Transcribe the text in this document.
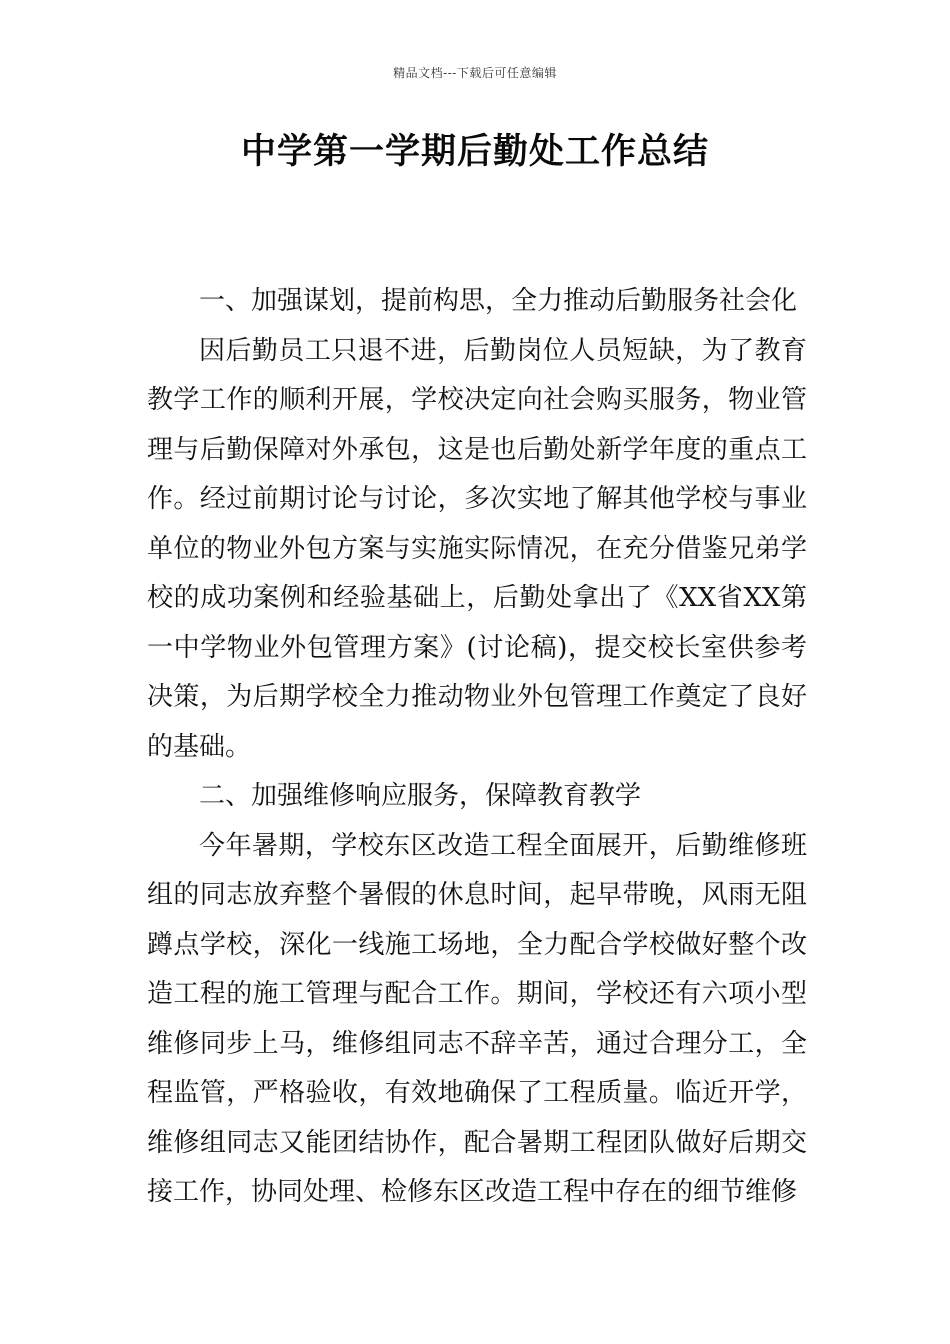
精品文档---下载后可任意编辑
中学第一学期后勤处工作总结

一、加强谋划，提前构思，全力推动后勤服务社会化

因后勤员工只退不进，后勤岗位人员短缺，为了教育教学工作的顺利开展，学校决定向社会购买服务，物业管理与后勤保障对外承包，这是也后勤处新学年度的重点工作。经过前期讨论与讨论，多次实地了解其他学校与事业单位的物业外包方案与实施实际情况，在充分借鉴兄弟学校的成功案例和经验基础上，后勤处拿出了《XX省XX第一中学物业外包管理方案》(讨论稿)，提交校长室供参考决策，为后期学校全力推动物业外包管理工作奠定了良好的基础。

二、加强维修响应服务，保障教育教学

今年暑期，学校东区改造工程全面展开，后勤维修班组的同志放弃整个暑假的休息时间，起早带晚，风雨无阻蹲点学校，深化一线施工场地，全力配合学校做好整个改造工程的施工管理与配合工作。期间，学校还有六项小型维修同步上马，维修组同志不辞辛苦，通过合理分工，全程监管，严格验收，有效地确保了工程质量。临近开学，维修组同志又能团结协作，配合暑期工程团队做好后期交接工作，协同处理、检修东区改造工程中存在的细节维修
